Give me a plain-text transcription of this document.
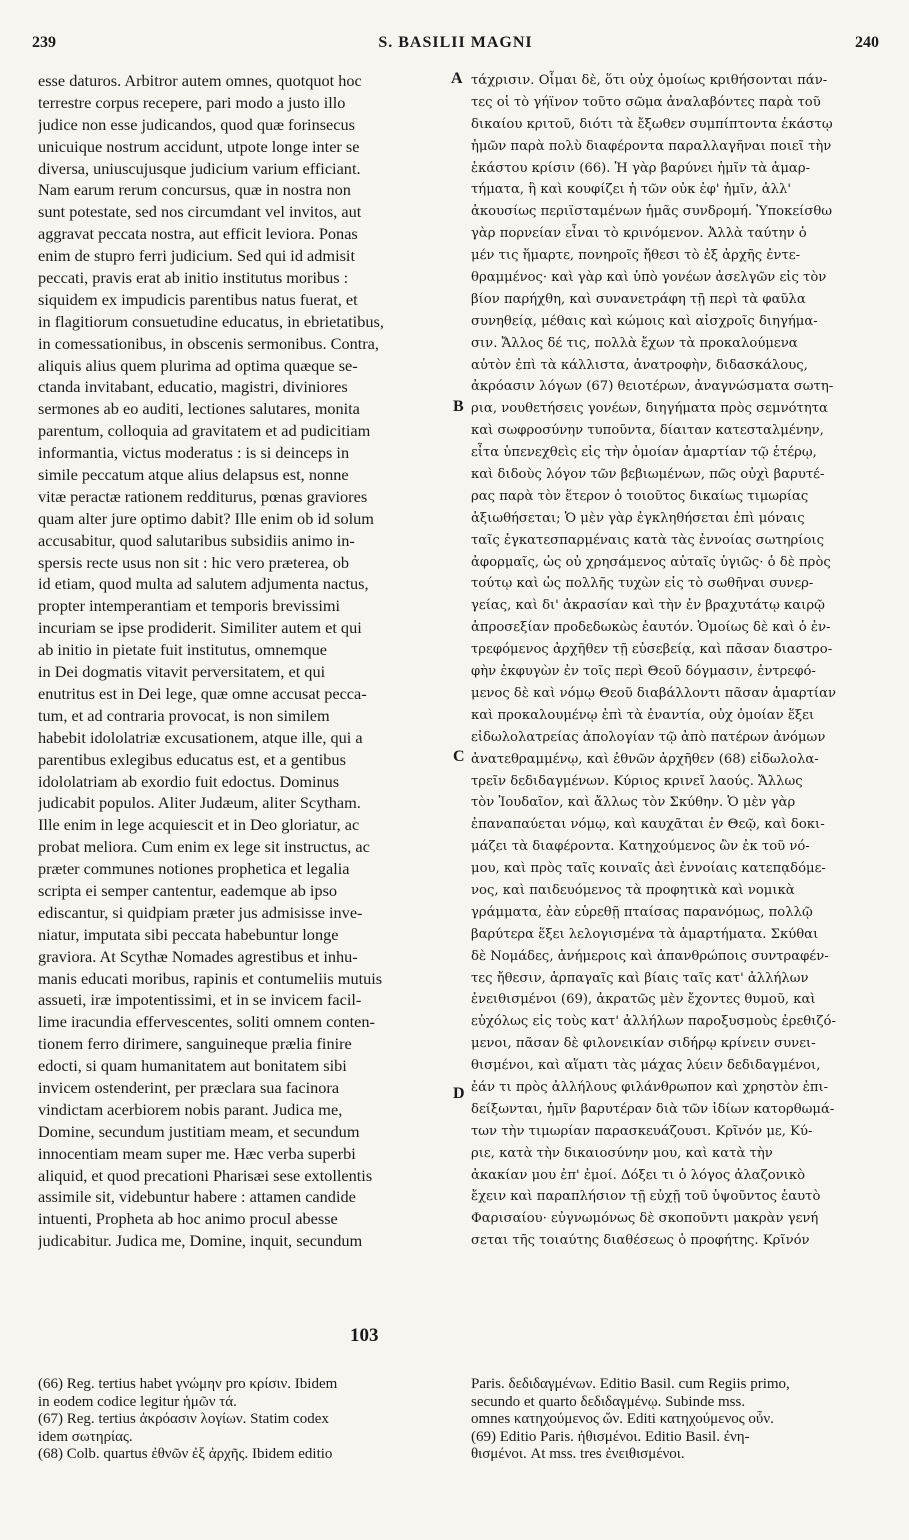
239	S. BASILII MAGNI	240
esse daturos. Arbitror autem omnes, quotquot hoc
terrestre corpus recepere, pari modo a justo illo
judice non esse judicandos, quod quæ forinsecus
unicuique nostrum accidunt, utpote longe inter se
diversa, uniuscujusque judicium varium efficiant.
Nam earum rerum concursus, quæ in nostra non
sunt potestate, sed nos circumdant vel invitos, aut
aggravat peccata nostra, aut efficit leviora. Ponas
enim de stupro ferri judicium. Sed qui id admisit
peccati, pravis erat ab initio institutus moribus :
siquidem ex impudicis parentibus natus fuerat, et
in flagitiorum consuetudine educatus, in ebrietatibus,
in comessationibus, in obscenis sermonibus. Contra,
aliquis alius quem plurima ad optima quæque se-
ctanda invitabant, educatio, magistri, diviniores
sermones ab eo auditi, lectiones salutares, monita
parentum, colloquia ad gravitatem et ad pudicitiam
informantia, victus moderatus : is si deinceps in
simile peccatum atque alius delapsus est, nonne
vitæ peractæ rationem redditurus, pœnas graviores
quam alter jure optimo dabit? Ille enim ob id solum
accusabitur, quod salutaribus subsidiis animo in-
spersis recte usus non sit : hic vero præterea, ob
id etiam, quod multa ad salutem adjumenta nactus,
propter intemperantiam et temporis brevissimi
incuriam se ipse prodiderit. Similiter autem et qui
ab initio in pietate fuit institutus, omnemque
in Dei dogmatis vitavit perversitatem, et qui
enutritus est in Dei lege, quæ omne accusat pecca-
tum, et ad contraria provocat, is non similem
habebit idololatriæ excusationem, atque ille, qui a
parentibus exlegibus educatus est, et a gentibus
idololatriam ab exordio fuit edoctus. Dominus
judicabit populos. Aliter Judæum, aliter Scytham.
Ille enim in lege acquiescit et in Deo gloriatur, ac
probat meliora. Cum enim ex lege sit instructus, ac
præter communes notiones prophetica et legalia
scripta ei semper cantentur, eademque ab ipso
ediscantur, si quidpiam præter jus admisisse inve-
niatur, imputata sibi peccata habebuntur longe
graviora. At Scythæ Nomades agrestibus et inhu-
manis educati moribus, rapinis et contumeliis mutuis
assueti, iræ impotentissimi, et in se invicem facil-
lime iracundia effervescentes, soliti omnem conten-
tionem ferro dirimere, sanguineque prælia finire
edocti, si quam humanitatem aut bonitatem sibi
invicem ostenderint, per præclara sua facinora
vindictam acerbiorem nobis parant. Judica me,
Domine, secundum justitiam meam, et secundum
innocentiam meam super me. Hæc verba superbi
aliquid, et quod precationi Pharisæi sese extollentis
assimile sit, videbuntur habere : attamen candide
intuenti, Propheta ab hoc animo procul abesse
judicabitur. Judica me, Domine, inquit, secundum
τάχρισιν. Οἶμαι δὲ, ὅτι οὐχ ὁμοίως κριθήσονται πάν-
τες οἱ τὸ γήϊνον τοῦτο σῶμα ἀναλαβόντες παρὰ τοῦ
δικαίου κριτοῦ, διότι τὰ ἔξωθεν συμπίπτοντα ἑκάστῳ
ἡμῶν παρὰ πολὺ διαφέροντα παραλλαγῆναι ποιεῖ τὴν
ἑκάστου κρίσιν (66). Ἡ γὰρ βαρύνει ἡμῖν τὰ ἁμαρ-
τήματα, ἢ καὶ κουφίζει ἡ τῶν οὐκ ἐφ' ἡμῖν, ἀλλ'
ἀκουσίως περιϊσταμένων ἡμᾶς συνδρομή. Ὑποκείσθω
γὰρ πορνείαν εἶναι τὸ κρινόμενον. Ἀλλὰ ταύτην ὁ
μέν τις ἥμαρτε, πονηροῖς ἤθεσι τὸ ἐξ ἀρχῆς ἐντε-
θραμμένος· καὶ γὰρ καὶ ὑπὸ γονέων ἀσελγῶν εἰς τὸν
βίον παρήχθη, καὶ συνανετράφη τῇ περὶ τὰ φαῦλα
συνηθείᾳ, μέθαις καὶ κώμοις καὶ αἰσχροῖς διηγήμα-
σιν. Ἄλλος δέ τις, πολλὰ ἔχων τὰ προκαλούμενα
αὐτὸν ἐπὶ τὰ κάλλιστα, ἀνατροφὴν, διδασκάλους,
ἀκρόασιν λόγων (67) θειοτέρων, ἀναγνώσματα σωτη-
ρια, νουθετήσεις γονέων, διηγήματα πρὸς σεμνότητα
καὶ σωφροσύνην τυποῦντα, δίαιταν κατεσταλμένην,
εἶτα ὑπενεχθεὶς εἰς τὴν ὁμοίαν ἁμαρτίαν τῷ ἑτέρῳ,
καὶ διδοὺς λόγον τῶν βεβιωμένων, πῶς οὐχὶ βαρυτέ-
ρας παρὰ τὸν ἕτερον ὁ τοιοῦτος δικαίως τιμωρίας
ἀξιωθήσεται; Ὁ μὲν γὰρ ἐγκληθήσεται ἐπὶ μόναις
ταῖς ἐγκατεσπαρμέναις κατὰ τὰς ἐννοίας σωτηρίοις
ἀφορμαῖς, ὡς οὐ χρησάμενος αὐταῖς ὑγιῶς· ὁ δὲ πρὸς
τούτῳ καὶ ὡς πολλῆς τυχὼν εἰς τὸ σωθῆναι συνερ-
γείας, καὶ δι' ἀκρασίαν καὶ τὴν ἐν βραχυτάτῳ καιρῷ
ἀπροσεξίαν προδεδωκὼς ἑαυτόν. Ὁμοίως δὲ καὶ ὁ ἐν-
τρεφόμενος ἀρχῆθεν τῇ εὐσεβείᾳ, καὶ πᾶσαν διαστρο-
φὴν ἐκφυγὼν ἐν τοῖς περὶ Θεοῦ δόγμασιν, ἐντρεφό-
μενος δὲ καὶ νόμῳ Θεοῦ διαβάλλοντι πᾶσαν ἁμαρτίαν
καὶ προκαλουμένῳ ἐπὶ τὰ ἐναντία, οὐχ ὁμοίαν ἕξει
εἰδωλολατρείας ἀπολογίαν τῷ ἀπὸ πατέρων ἀνόμων
ἀνατεθραμμένῳ, καὶ ἐθνῶν ἀρχῆθεν (68) εἰδωλολα-
τρεῖν δεδιδαγμένων. Κύριος κρινεῖ λαούς. Ἄλλως
τὸν Ἰουδαῖον, καὶ ἄλλως τὸν Σκύθην. Ὁ μὲν γὰρ
ἐπαναπαύεται νόμῳ, καὶ καυχᾶται ἐν Θεῷ, καὶ δοκι-
μάζει τὰ διαφέροντα. Κατηχούμενος ὢν ἐκ τοῦ νό-
μου, καὶ πρὸς ταῖς κοιναῖς ἀεὶ ἐννοίαις κατεπᾳδόμε-
νος, καὶ παιδευόμενος τὰ προφητικὰ καὶ νομικὰ
γράμματα, ἐὰν εὑρεθῇ πταίσας παρανόμως, πολλῷ
βαρύτερα ἕξει λελογισμένα τὰ ἁμαρτήματα. Σκύθαι
δὲ Νομάδες, ἀνήμεροις καὶ ἀπανθρώποις συντραφέν-
τες ἤθεσιν, ἁρπαγαῖς καὶ βίαις ταῖς κατ' ἀλλήλων
ἐνειθισμένοι (69), ἀκρατῶς μὲν ἔχοντες θυμοῦ, καὶ
εὐχόλως εἰς τοὺς κατ' ἀλλήλων παροξυσμοὺς ἐρεθιζό-
μενοι, πᾶσαν δὲ φιλονεικίαν σιδήρῳ κρίνειν συνει-
θισμένοι, καὶ αἵματι τὰς μάχας λύειν δεδιδαγμένοι,
ἐάν τι πρὸς ἀλλήλους φιλάνθρωπον καὶ χρηστὸν ἐπι-
δείξωνται, ἡμῖν βαρυτέραν διὰ τῶν ἰδίων κατορθωμά-
των τὴν τιμωρίαν παρασκευάζουσι. Κρῖνόν με, Κύ-
ριε, κατὰ τὴν δικαιοσύνην μου, καὶ κατὰ τὴν
ἀκακίαν μου ἐπ' ἐμοί. Δόξει τι ὁ λόγος ἀλαζονικὸ
ἔχειν καὶ παραπλήσιον τῇ εὐχῇ τοῦ ὑψοῦντος ἑαυτὸ
Φαρισαίου· εὐγνωμόνως δὲ σκοποῦντι μακρὰν γενή
σεται τῆς τοιαύτης διαθέσεως ὁ προφήτης. Κρῖνόν
A
B
C
D
103
(66) Reg. tertius habet γνώμην pro κρίσιν. Ibidem
in eodem codice legitur ἡμῶν τά.
(67) Reg. tertius ἀκρόασιν λογίων. Statim codex
idem σωτηρίας.
(68) Colb. quartus ἐθνῶν ἐξ ἀρχῆς. Ibidem editio
Paris. δεδιδαγμένων. Editio Basil. cum Regiis primo,
secundo et quarto δεδιδαγμένῳ. Subinde mss.
omnes κατηχούμενος ὤν. Editi κατηχούμενος οὖν.
(69) Editio Paris. ἠθισμένοι. Editio Basil. ἐνη-
θισμένοι. At mss. tres ἐνειθισμένοι.
